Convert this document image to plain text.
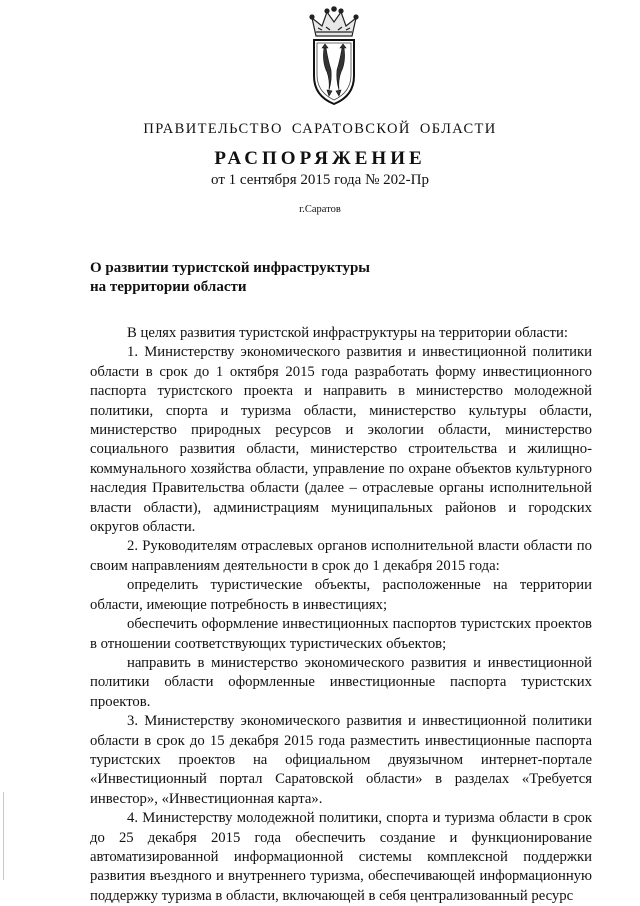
ПРАВИТЕЛЬСТВО САРАТОВСКОЙ ОБЛАСТИ
РАСПОРЯЖЕНИЕ
от 1 сентября 2015 года № 202-Пр
г.Саратов
О развитии туристской инфраструктуры
на территории области

В целях развития туристской инфраструктуры на территории области:

1. Министерству экономического развития и инвестиционной политики области в срок до 1 октября 2015 года разработать форму инвестиционного паспорта туристского проекта и направить в министерство молодежной политики, спорта и туризма области, министерство культуры области, министерство природных ресурсов и экологии области, министерство социального развития области, министерство строительства и жилищно-коммунального хозяйства области, управление по охране объектов культурного наследия Правительства области (далее – отраслевые органы исполнительной власти области), администрациям муниципальных районов и городских округов области.

2. Руководителям отраслевых органов исполнительной власти области по своим направлениям деятельности в срок до 1 декабря 2015 года:

определить туристические объекты, расположенные на территории области, имеющие потребность в инвестициях;

обеспечить оформление инвестиционных паспортов туристских проектов в отношении соответствующих туристических объектов;

направить в министерство экономического развития и инвестиционной политики области оформленные инвестиционные паспорта туристских проектов.

3. Министерству экономического развития и инвестиционной политики области в срок до 15 декабря 2015 года разместить инвестиционные паспорта туристских проектов на официальном двуязычном интернет-портале «Инвестиционный портал Саратовской области» в разделах «Требуется инвестор», «Инвестиционная карта».

4. Министерству молодежной политики, спорта и туризма области в срок до 25 декабря 2015 года обеспечить создание и функционирование автоматизированной информационной системы комплексной поддержки развития въездного и внутреннего туризма, обеспечивающей информационную поддержку туризма в области, включающей в себя централизованный ресурс
